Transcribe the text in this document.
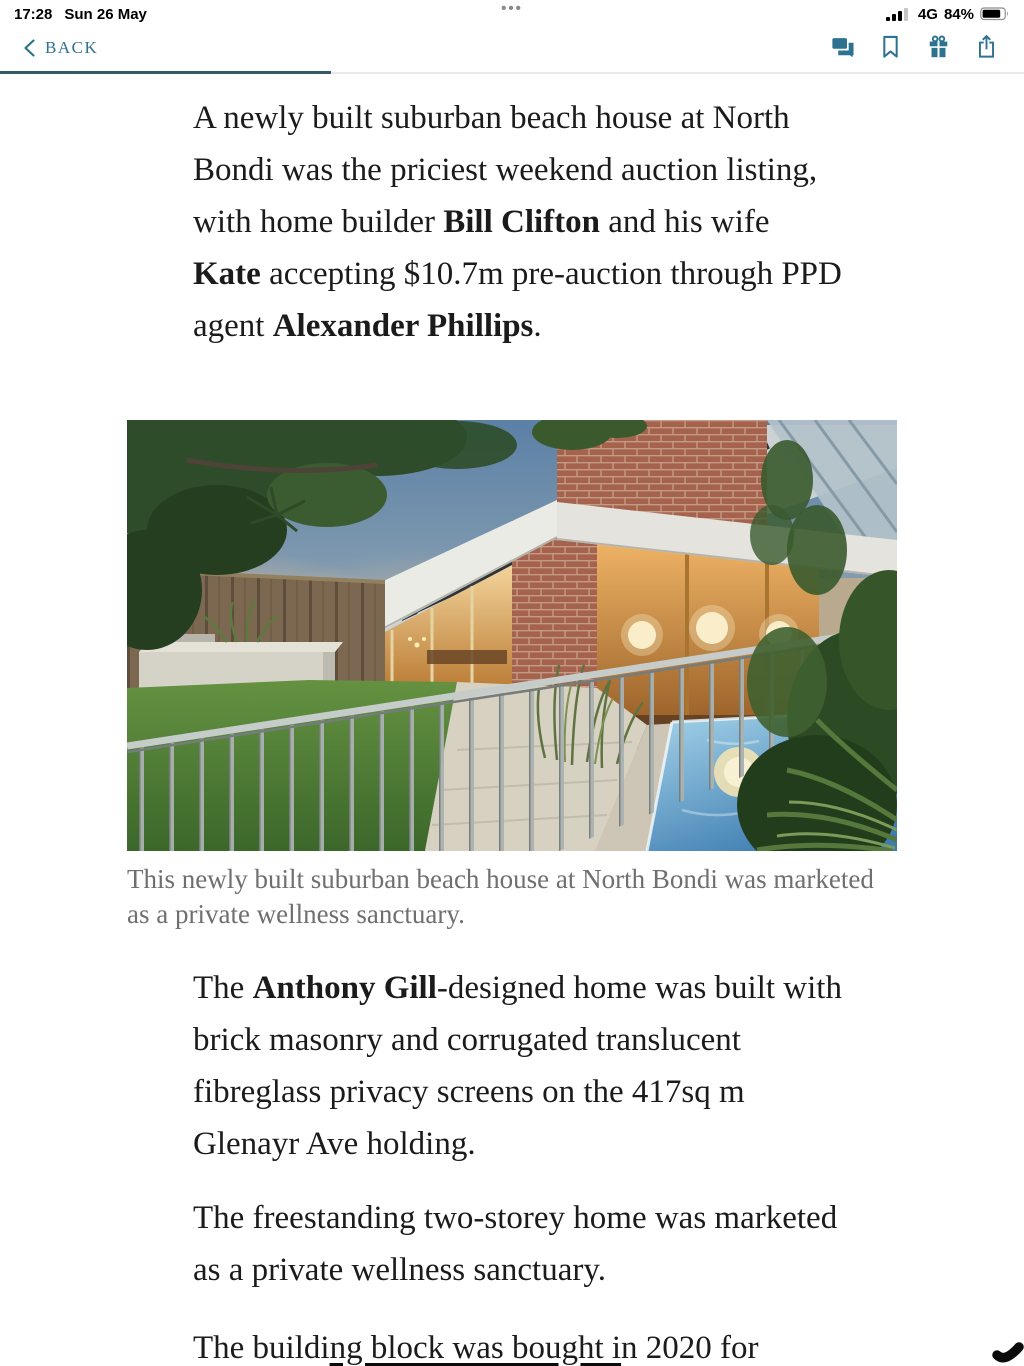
17:28 Sun 26 May	•••	4G 84%
BACK

A newly built suburban beach house at North Bondi was the priciest weekend auction listing, with home builder Bill Clifton and his wife Kate accepting $10.7m pre-auction through PPD agent Alexander Phillips.

This newly built suburban beach house at North Bondi was marketed as a private wellness sanctuary.

The Anthony Gill-designed home was built with brick masonry and corrugated translucent fibreglass privacy screens on the 417sq m Glenayr Ave holding.

The freestanding two-storey home was marketed as a private wellness sanctuary.

The building block was bought in 2020 for
